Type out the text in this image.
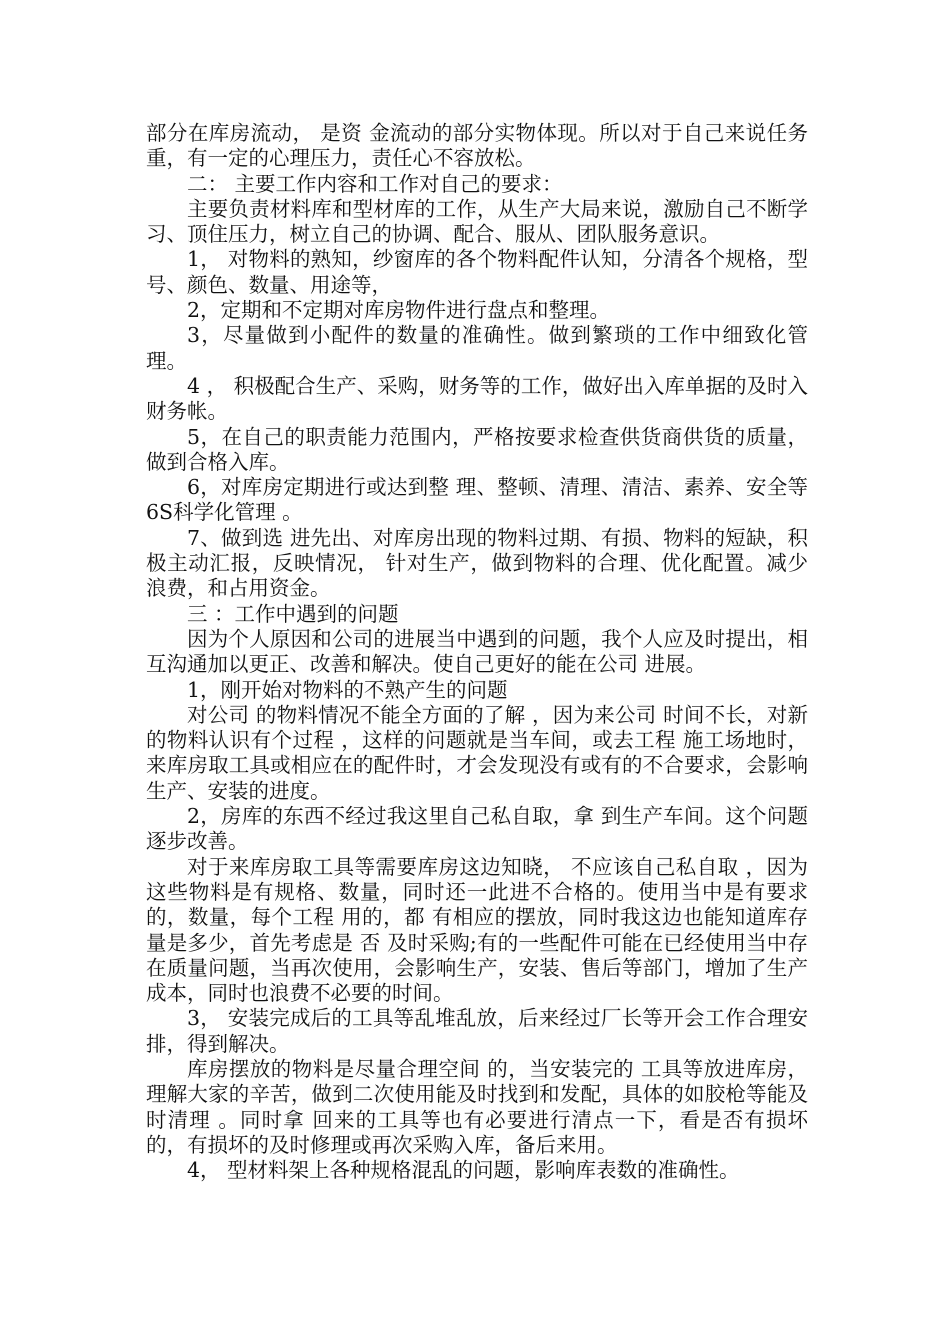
部分在库房流动， 是资 金流动的部分实物体现。所以对于自己来说任务重，有一定的心理压力，责任心不容放松。

二： 主要工作内容和工作对自己的要求：

主要负责材料库和型材库的工作，从生产大局来说，激励自己不断学习、顶住压力，树立自己的协调、配合、服从、团队服务意识。

1， 对物料的熟知，纱窗库的各个物料配件认知，分清各个规格，型号、颜色、数量、用途等，

2，定期和不定期对库房物件进行盘点和整理。

3，尽量做到小配件的数量的准确性。做到繁琐的工作中细致化管理。

4 ， 积极配合生产、采购，财务等的工作，做好出入库单据的及时入财务帐。

5，在自己的职责能力范围内，严格按要求检查供货商供货的质量，做到合格入库。

6，对库房定期进行或达到整 理、整顿、清理、清洁、素养、安全等6S科学化管理 。

7、做到选 进先出、对库房出现的物料过期、有损、物料的短缺，积极主动汇报，反映情况， 针对生产，做到物料的合理、优化配置。减少浪费，和占用资金。

三 ：工作中遇到的问题

因为个人原因和公司的进展当中遇到的问题，我个人应及时提出，相互沟通加以更正、改善和解决。使自己更好的能在公司 进展。

1，刚开始对物料的不熟产生的问题

对公司 的物料情况不能全方面的了解 ，因为来公司 时间不长，对新的物料认识有个过程 ，这样的问题就是当车间，或去工程 施工场地时，来库房取工具或相应在的配件时，才会发现没有或有的不合要求，会影响生产、安装的进度。

2，房库的东西不经过我这里自己私自取，拿 到生产车间。这个问题逐步改善。

对于来库房取工具等需要库房这边知晓， 不应该自己私自取 ，因为这些物料是有规格、数量，同时还一此进不合格的。使用当中是有要求的，数量，每个工程 用的，都 有相应的摆放，同时我这边也能知道库存量是多少，首先考虑是 否 及时采购;有的一些配件可能在已经使用当中存在质量问题，当再次使用，会影响生产，安装、售后等部门，增加了生产成本，同时也浪费不必要的时间。

3， 安装完成后的工具等乱堆乱放，后来经过厂长等开会工作合理安排，得到解决。

库房摆放的物料是尽量合理空间 的，当安装完的 工具等放进库房，理解大家的辛苦，做到二次使用能及时找到和发配，具体的如胶枪等能及时清理 。同时拿 回来的工具等也有必要进行清点一下，看是否有损坏的，有损坏的及时修理或再次采购入库，备后来用。

4， 型材料架上各种规格混乱的问题，影响库表数的准确性。
